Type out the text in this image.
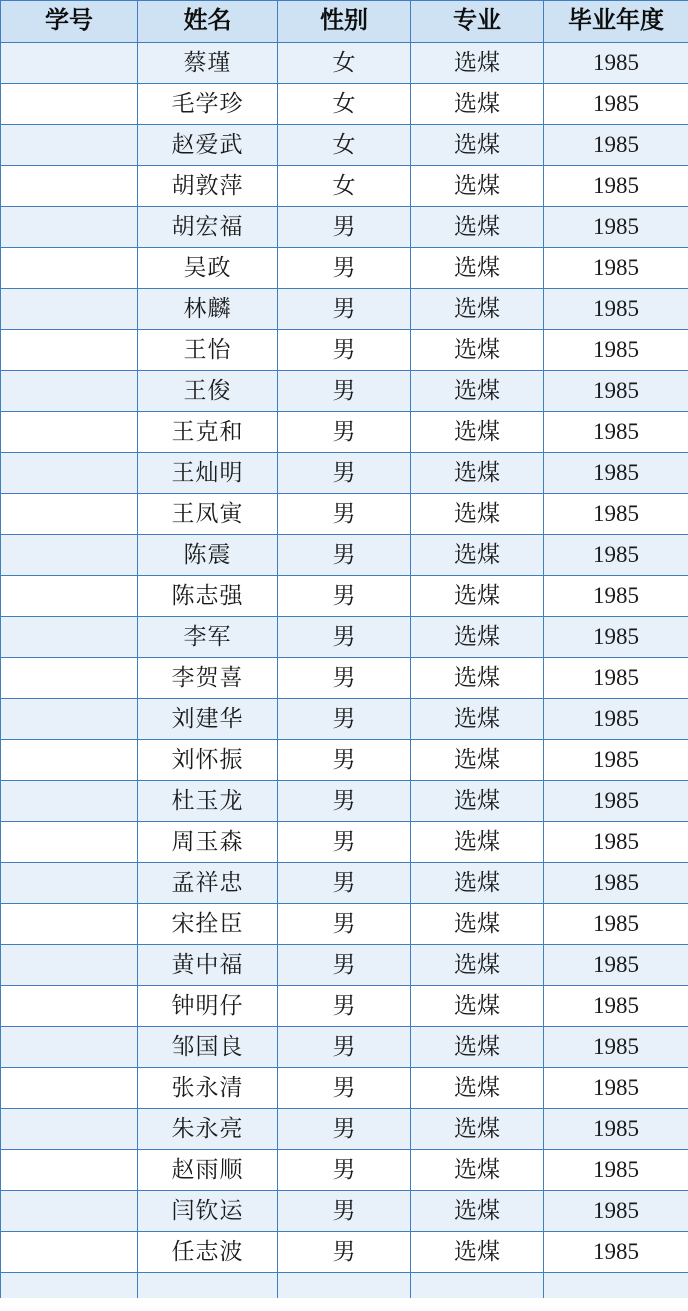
学号	姓名	性别	专业	毕业年度
	蔡瑾	女	选煤	1985
	毛学珍	女	选煤	1985
	赵爱武	女	选煤	1985
	胡敦萍	女	选煤	1985
	胡宏福	男	选煤	1985
	吴政	男	选煤	1985
	林麟	男	选煤	1985
	王怡	男	选煤	1985
	王俊	男	选煤	1985
	王克和	男	选煤	1985
	王灿明	男	选煤	1985
	王凤寅	男	选煤	1985
	陈震	男	选煤	1985
	陈志强	男	选煤	1985
	李军	男	选煤	1985
	李贺喜	男	选煤	1985
	刘建华	男	选煤	1985
	刘怀振	男	选煤	1985
	杜玉龙	男	选煤	1985
	周玉森	男	选煤	1985
	孟祥忠	男	选煤	1985
	宋拴臣	男	选煤	1985
	黄中福	男	选煤	1985
	钟明仔	男	选煤	1985
	邹国良	男	选煤	1985
	张永清	男	选煤	1985
	朱永亮	男	选煤	1985
	赵雨顺	男	选煤	1985
	闫钦运	男	选煤	1985
	任志波	男	选煤	1985
